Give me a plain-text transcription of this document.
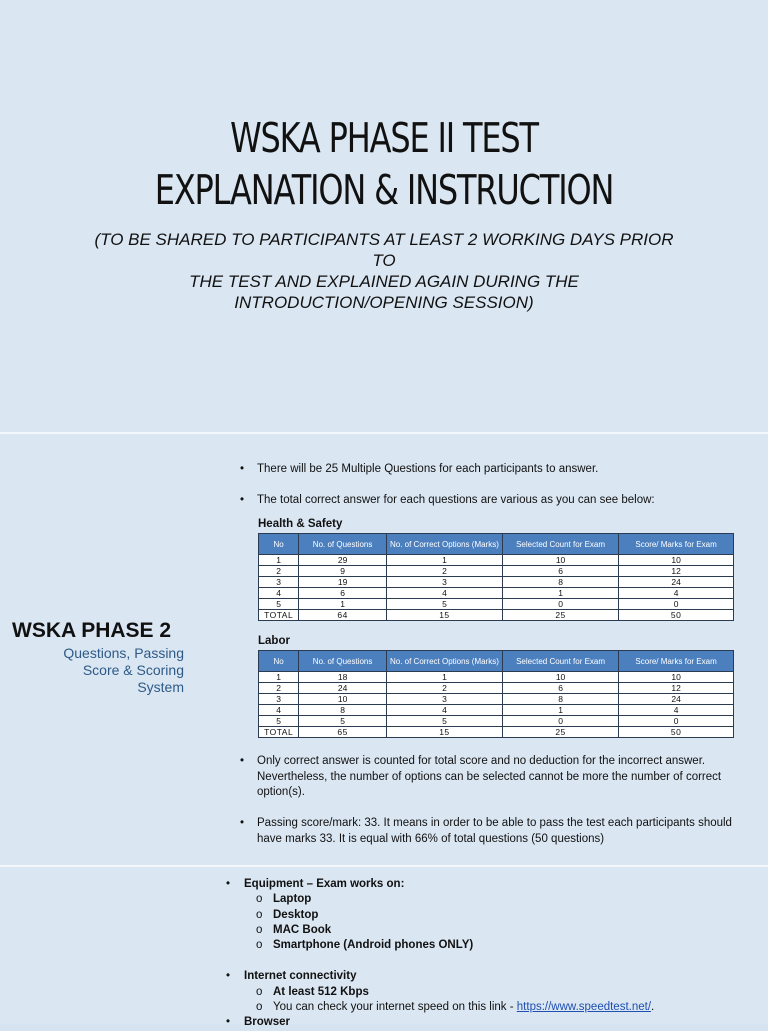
WSKA PHASE II TEST
EXPLANATION & INSTRUCTION
(TO BE SHARED TO PARTICIPANTS AT LEAST 2 WORKING DAYS PRIOR TO
THE TEST AND EXPLAINED AGAIN DURING THE
INTRODUCTION/OPENING SESSION)
WSKA PHASE 2
Questions, Passing
Score & Scoring
System
• There will be 25 Multiple Questions for each participants to answer.
• The total correct answer for each questions are various as you can see below:
Health & Safety
No	No. of Questions	No. of Correct Options (Marks)	Selected Count for Exam	Score/ Marks for Exam
1	29	1	10	10
2	9	2	6	12
3	19	3	8	24
4	6	4	1	4
5	1	5	0	0
TOTAL	64	15	25	50
Labor
No	No. of Questions	No. of Correct Options (Marks)	Selected Count for Exam	Score/ Marks for Exam
1	18	1	10	10
2	24	2	6	12
3	10	3	8	24
4	8	4	1	4
5	5	5	0	0
TOTAL	65	15	25	50
• Only correct answer is counted for total score and no deduction for the incorrect answer. Nevertheless, the number of options can be selected cannot be more the number of correct option(s).
• Passing score/mark: 33. It means in order to be able to pass the test each participants should have marks 33. It is equal with 66% of total questions (50 questions)
• Equipment – Exam works on:
o Laptop
o Desktop
o MAC Book
o Smartphone (Android phones ONLY)
• Internet connectivity
o At least 512 Kbps
o You can check your internet speed on this link - https://www.speedtest.net/.
• Browser
